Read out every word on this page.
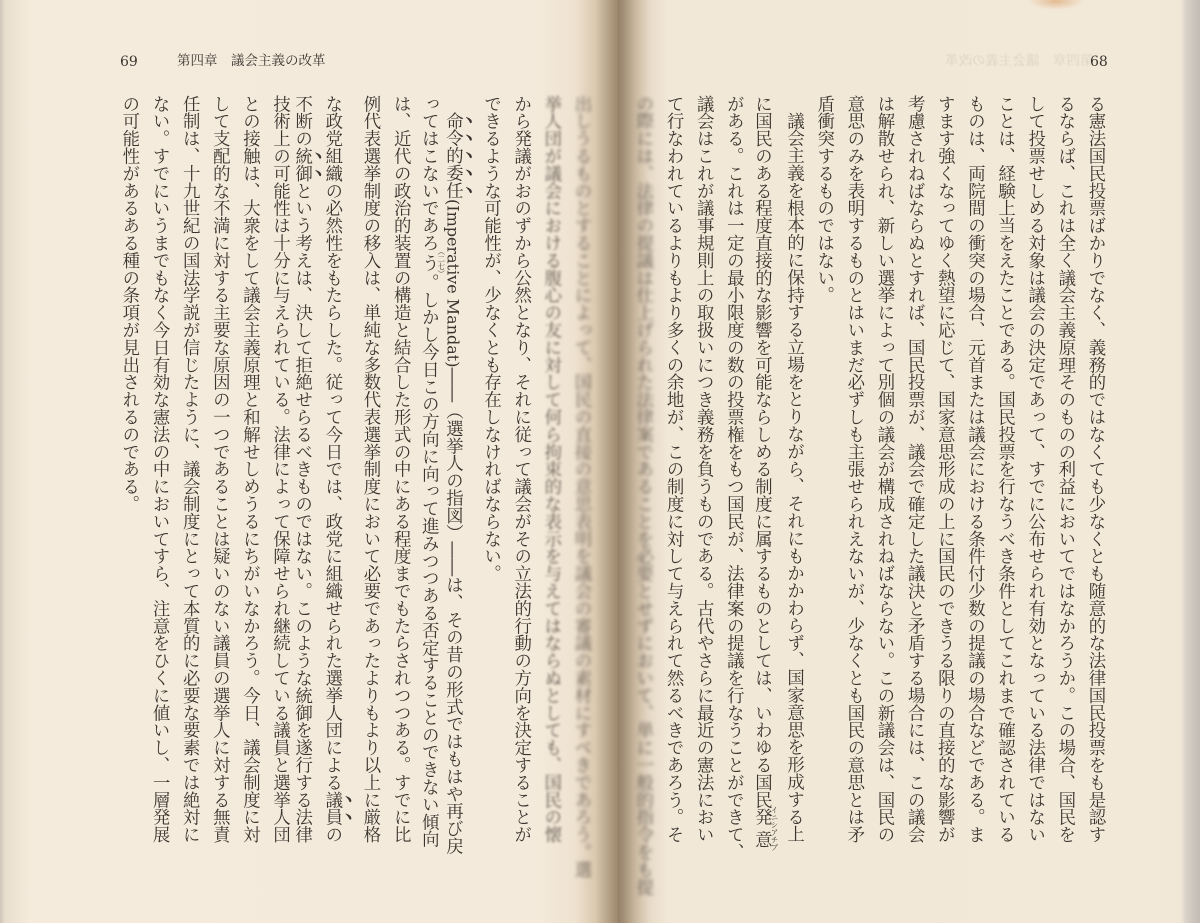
69	第四章　議会主義の改革
出しうるものとすることによって、国民の直接の意思表明を議会の審議の素材にすべきであろう。選
挙人団が議会における腹心の友に対して何ら拘束的な表示を与えてはならぬとしても、国民の懐
から発議がおのずから公然となり、それに従って議会がその立法的行動の方向を決定することが
できるような可能性が、少なくとも存在しなければならない。
命令的委任(Imperative Mandat)――（選挙人の指図）――は、その昔の形式ではもはや再び戻
ってはこないであろう（二七）。しかし今日この方向に向って進みつつある否定することのできない傾向
は、近代の政治的装置の構造と結合した形式の中にある程度までもたらされつつある。すでに比
例代表選挙制度の移入は、単純な多数代表選挙制度において必要であったよりもより以上に厳格
な政党組織の必然性をもたらした。従って今日では、政党に組織せられた選挙人団による議員の
不断の統御という考えは、決して拒絶せらるべきものではない。このような統御を遂行する法律
技術上の可能性は十分に与えられている。法律によって保障せられ継続している議員と選挙人団
との接触は、大衆をして議会主義原理と和解せしめうるにちがいなかろう。今日、議会制度に対
して支配的な不満に対する主要な原因の一つであることは疑いのない議員の選挙人に対する無責
任制は、十九世紀の国法学説が信じたように、議会制度にとって本質的に必要な要素では絶対に
ない。すでにいうまでもなく今日有効な憲法の中においてすら、注意をひくに値いし、一層発展
の可能性があるある種の条項が見出されるのである。
第四章　議会主義の改革
68
る憲法国民投票ばかりでなく、義務的ではなくても少なくとも随意的な法律国民投票をも是認す
るならば、これは全く議会主義原理そのものの利益においてではなかろうか。この場合、国民を
して投票せしめる対象は議会の決定であって、すでに公布せられ有効となっている法律ではない
ことは、経験上当をえたことである。国民投票を行なうべき条件としてこれまで確認されている
ものは、両院間の衝突の場合、元首または議会における条件付少数の提議の場合などである。ま
すます強くなってゆく熱望に応じて、国家意思形成の上に国民のできうる限りの直接的な影響が
考慮されねばならぬとすれば、国民投票が、議会で確定した議決と矛盾する場合には、この議会
は解散せられ、新しい選挙によって別個の議会が構成されねばならない。この新議会は、国民の
意思のみを表明するものとはいまだ必ずしも主張せられえないが、少なくとも国民の意思とは矛
盾衝突するものではない。
議会主義を根本的に保持する立場をとりながら、それにもかかわらず、国家意思を形成する上
に国民のある程度直接的な影響を可能ならしめる制度に属するものとしては、いわゆる国民発意イニシアチブ
がある。これは一定の最小限度の数の投票権をもつ国民が、法律案の提議を行なうことができて、
議会はこれが議事規則上の取扱いにつき義務を負うものである。古代やさらに最近の憲法におい
て行なわれているよりもより多くの余地が、この制度に対して与えられて然るべきであろう。そ
の際には、法律の提議は仕上げられた法律案であることを必要とせずにおいて、単に一般的指令をも提
